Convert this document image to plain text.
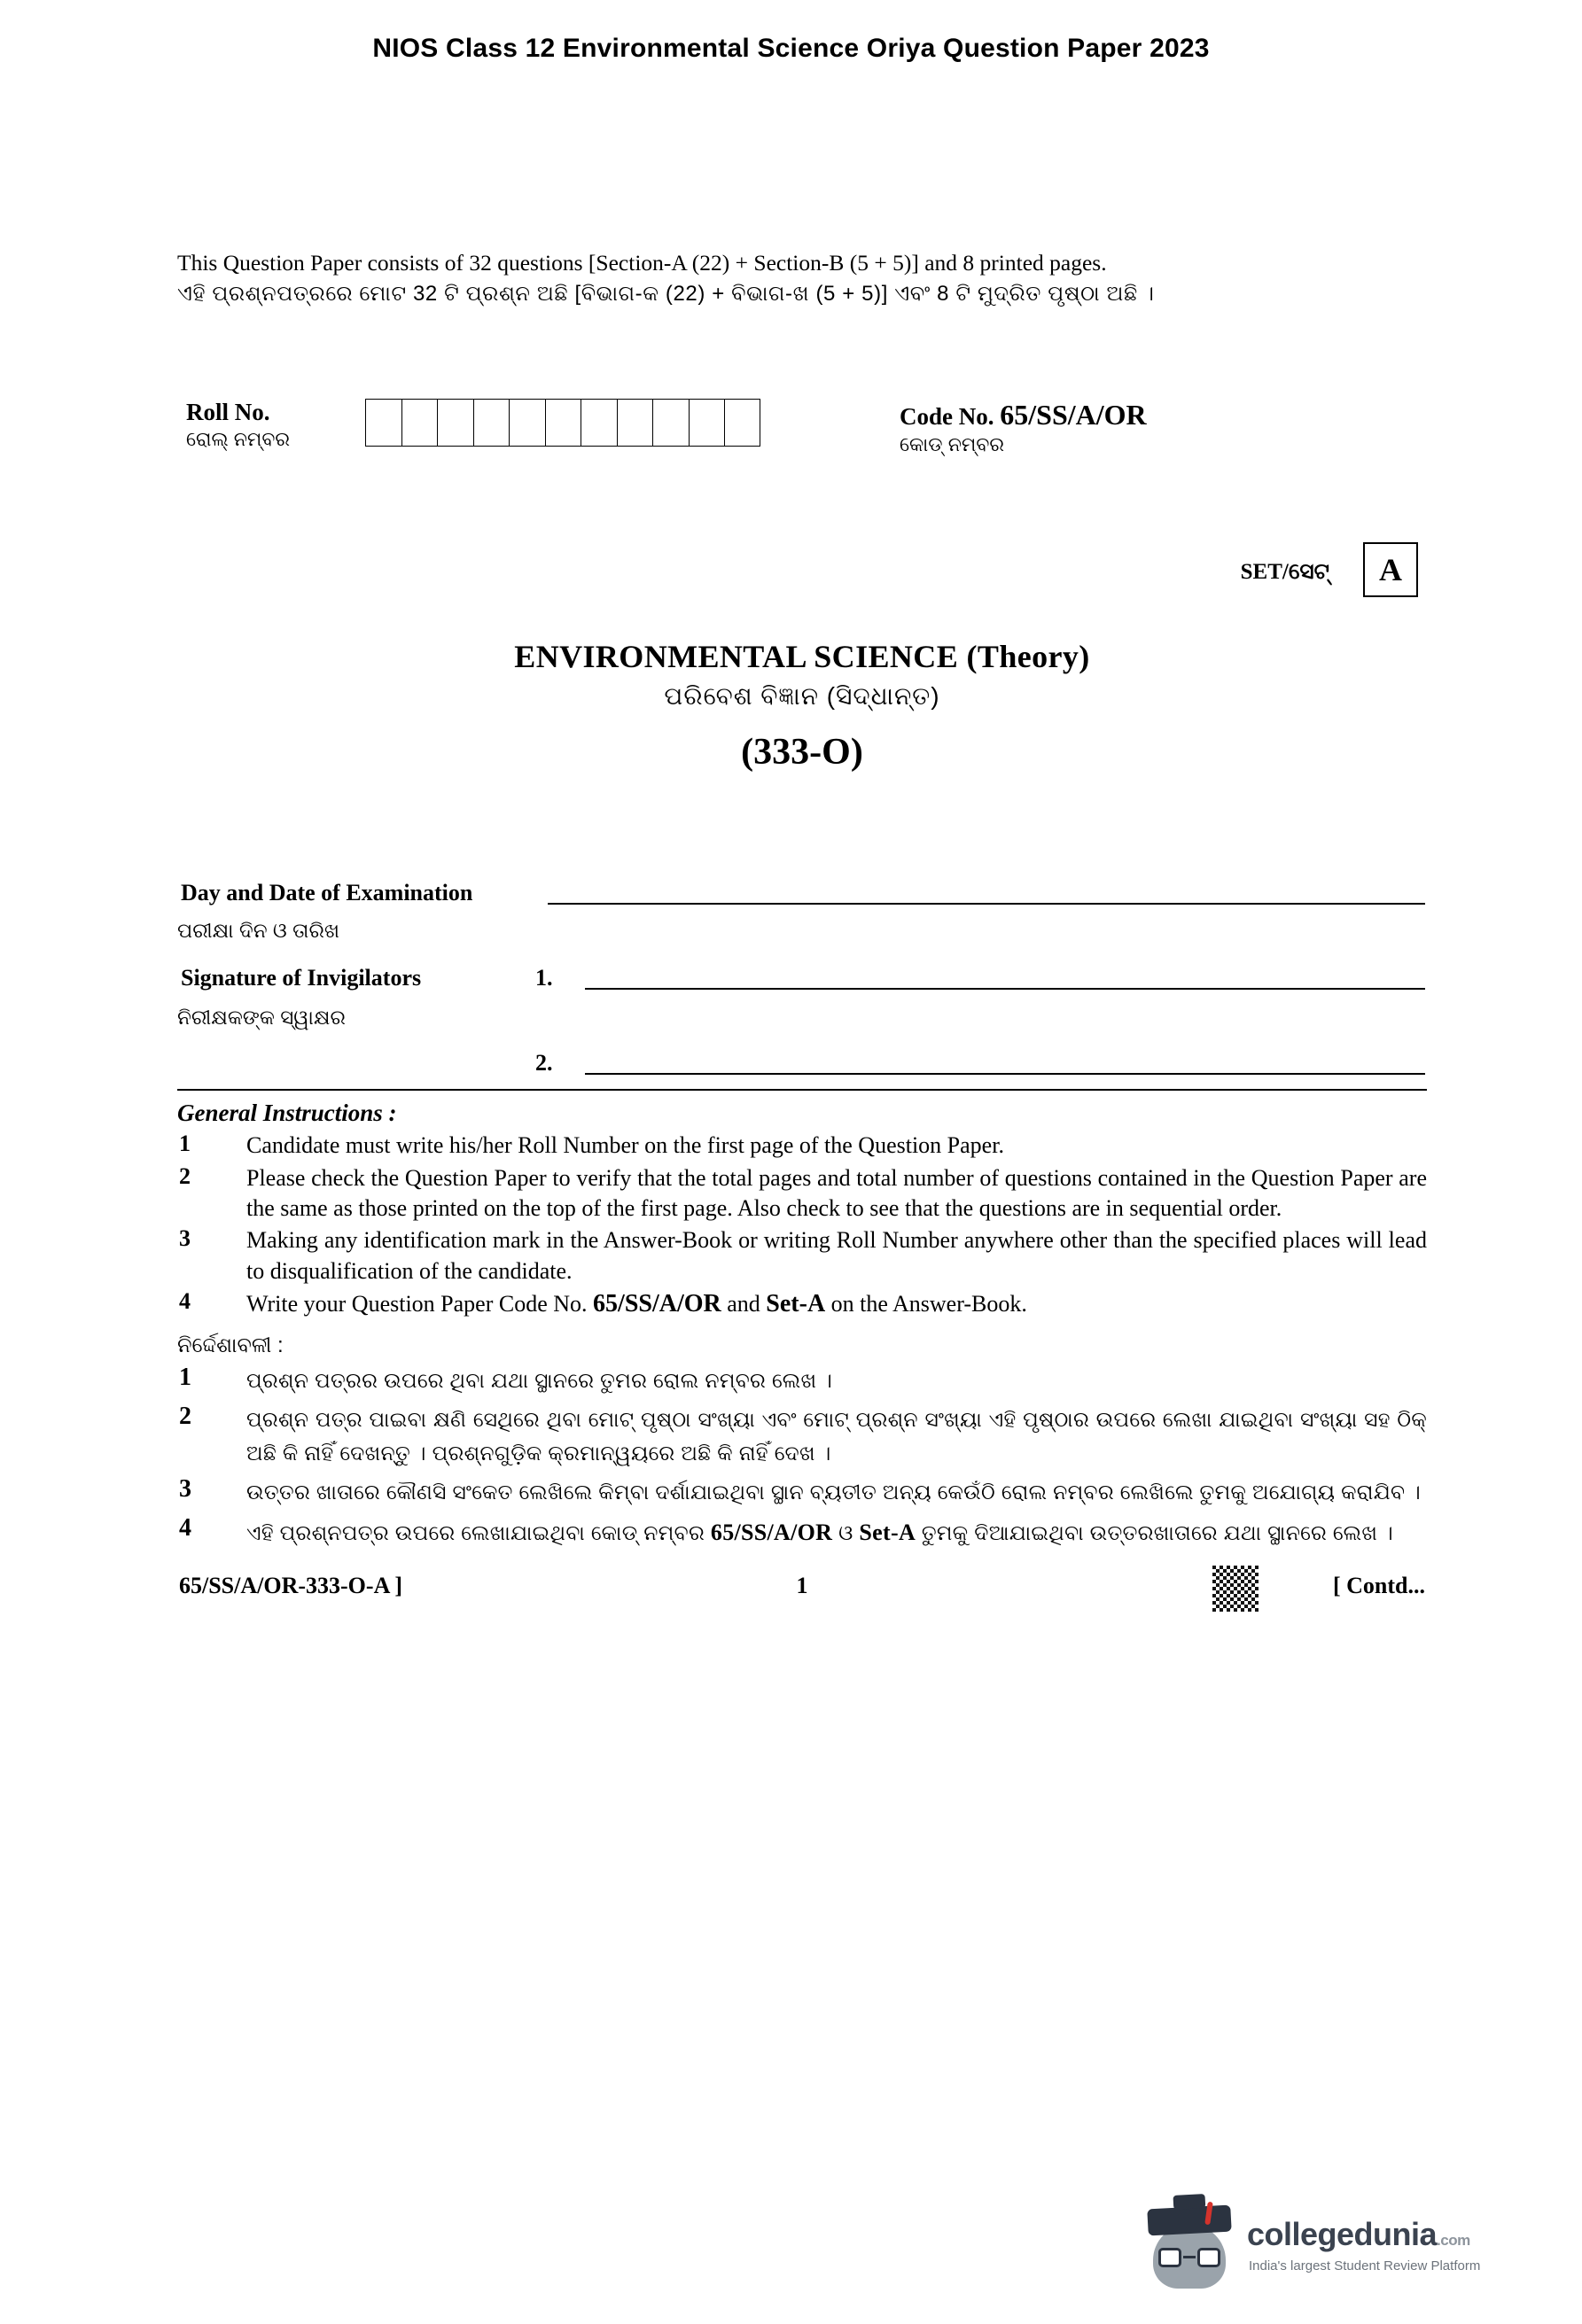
NIOS Class 12 Environmental Science Oriya Question Paper 2023
This Question Paper consists of 32 questions [Section-A (22) + Section-B (5 + 5)] and 8 printed pages.
ଏହି ପ୍ରଶ୍ନପତ୍ରରେ ମୋଟ 32 ଟି ପ୍ରଶ୍ନ ଅଛି [ବିଭାଗ-କ (22) + ବିଭାଗ-ଖ (5 + 5)] ଏବଂ 8 ଟି ମୁଦ୍ରିତ ପୃଷ୍ଠା ଅଛି ।
Roll No.
ରୋଲ୍ ନମ୍ବର
Code No. 65/SS/A/OR
କୋଡ୍ ନମ୍ବର
SET/ସେଟ୍	A
ENVIRONMENTAL SCIENCE (Theory)
ପରିବେଶ ବିଜ୍ଞାନ (ସିଦ୍ଧାନ୍ତ)
(333-O)
Day and Date of Examination
ପରୀକ୍ଷା ଦିନ ଓ ତାରିଖ
Signature of Invigilators	1.
ନିରୀକ୍ଷକଙ୍କ ସ୍ୱାକ୍ଷର
2.
General Instructions :
1	Candidate must write his/her Roll Number on the first page of the Question Paper.
2	Please check the Question Paper to verify that the total pages and total number of questions contained in the Question Paper are the same as those printed on the top of the first page. Also check to see that the questions are in sequential order.
3	Making any identification mark in the Answer-Book or writing Roll Number anywhere other than the specified places will lead to disqualification of the candidate.
4	Write your Question Paper Code No. 65/SS/A/OR and Set-A on the Answer-Book.
ନିର୍ଦ୍ଦେଶାବଳୀ :
1	ପ୍ରଶ୍ନ ପତ୍ରର ଉପରେ ଥିବା ଯଥା ସ୍ଥାନରେ ତୁମର ରୋଲ ନମ୍ବର ଲେଖ ।
2	ପ୍ରଶ୍ନ ପତ୍ର ପାଇବା କ୍ଷଣି ସେଥିରେ ଥିବା ମୋଟ୍ ପୃଷ୍ଠା ସଂଖ୍ୟା ଏବଂ ମୋଟ୍ ପ୍ରଶ୍ନ ସଂଖ୍ୟା ଏହି ପୃଷ୍ଠାର ଉପରେ ଲେଖା ଯାଇଥିବା ସଂଖ୍ୟା ସହ ଠିକ୍ ଅଛି କି ନାହିଁ ଦେଖନ୍ତୁ । ପ୍ରଶ୍ନଗୁଡ଼ିକ କ୍ରମାନ୍ୱୟରେ ଅଛି କି ନାହିଁ ଦେଖ ।
3	ଉତ୍ତର ଖାତାରେ କୌଣସି ସଂକେତ ଲେଖିଲେ କିମ୍ବା ଦର୍ଶାଯାଇଥିବା ସ୍ଥାନ ବ୍ୟତୀତ ଅନ୍ୟ କେଉଁଠି ରୋଲ ନମ୍ବର ଲେଖିଲେ ତୁମକୁ ଅଯୋଗ୍ୟ କରାଯିବ ।
4	ଏହି ପ୍ରଶ୍ନପତ୍ର ଉପରେ ଲେଖାଯାଇଥିବା କୋଡ୍ ନମ୍ବର 65/SS/A/OR ଓ Set-A ତୁମକୁ ଦିଆଯାଇଥିବା ଉତ୍ତରଖାତାରେ ଯଥା ସ୍ଥାନରେ ଲେଖ ।
65/SS/A/OR-333-O-A ]	1	[ Contd...
collegedunia.com
India's largest Student Review Platform
